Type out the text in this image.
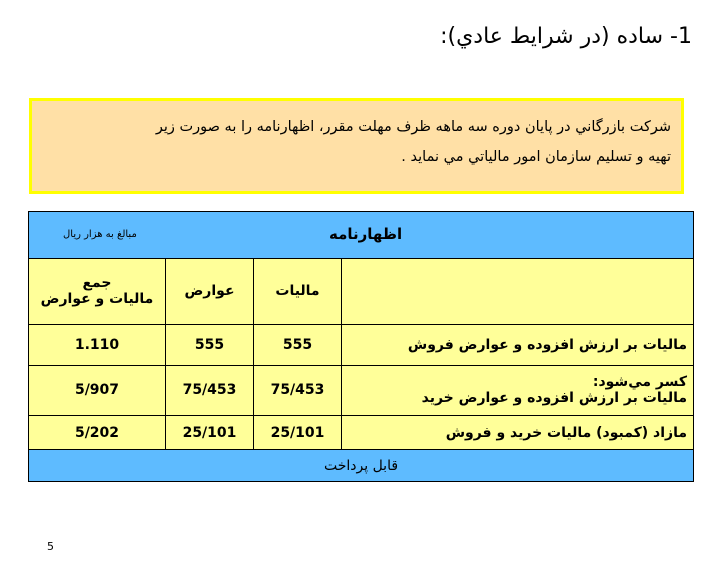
1- ساده (در شرايط عادي):
شركت بازرگاني در پايان دوره سه ماهه ظرف مهلت مقرر، اظهارنامه را به صورت زير
تهيه و تسليم سازمان امور مالياتي مي نمايد .
اظهارنامه
مبالغ به هزار ريال			

	ماليات	عوارض	جمع
ماليات و عوارض

ماليات بر ارزش افزوده و عوارض فروش	555	555	1.110

كسر مي‌شود:
ماليات بر ارزش افزوده و عوارض خريد	75/453	75/453	5/907
مازاد (كمبود) ماليات خريد و فروش	25/101	25/101	5/202
قابل پرداخت			
5
